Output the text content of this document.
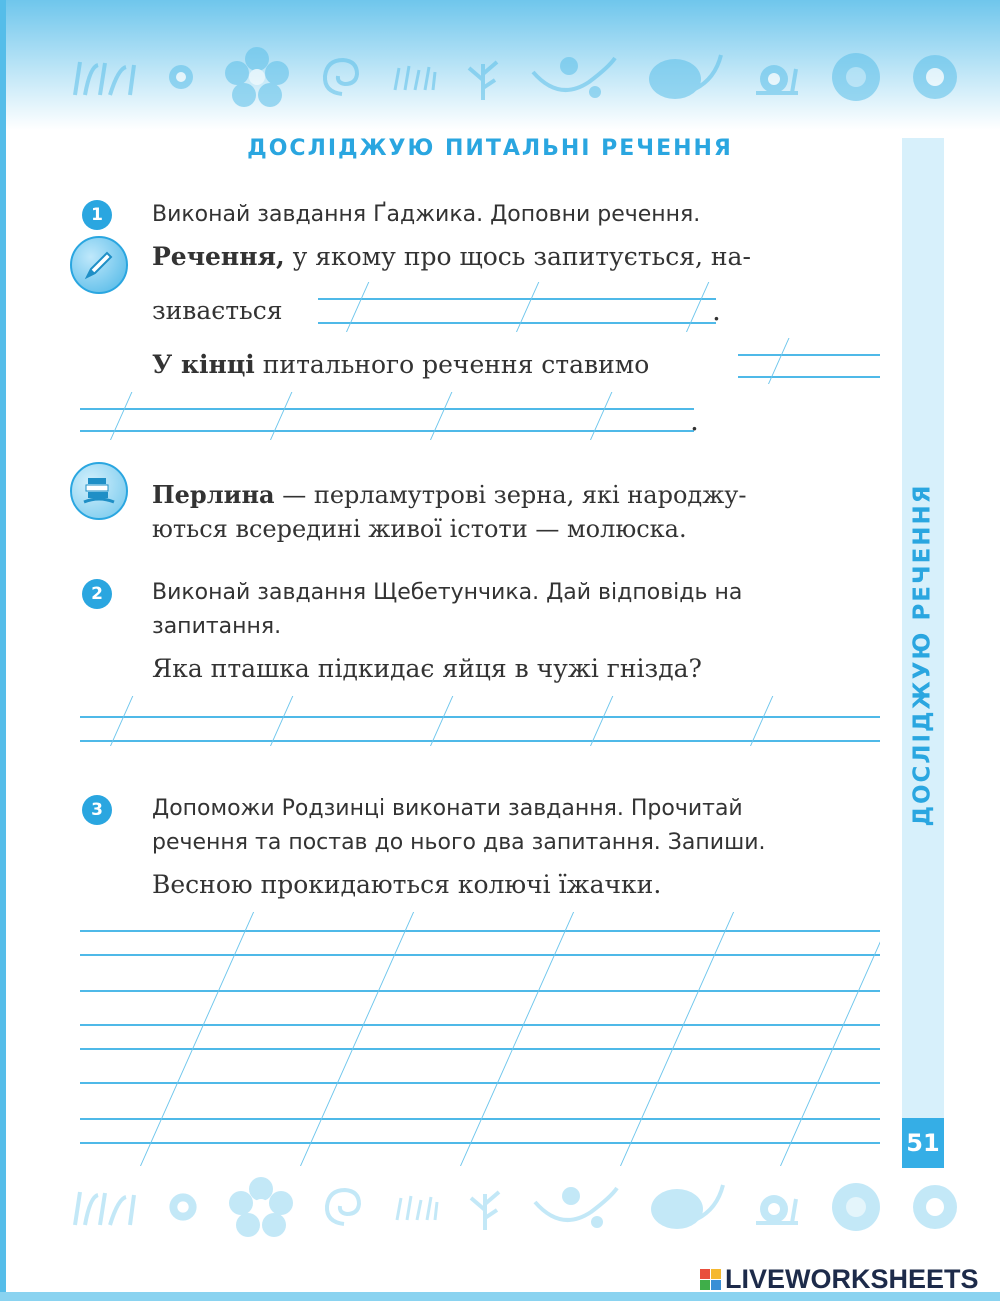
ДОСЛІДЖУЮ РЕЧЕННЯ
51
ДОСЛІДЖУЮ ПИТАЛЬНІ РЕЧЕННЯ
1	Виконай завдання Ґаджика. Доповни речення.
Речення, у якому про щось запитується, на-
зивається	.
У кінці питального речення ставимо
.
Перлина — перламутрові зерна, які народжу-
ються всередині живої істоти — молюска.
2	Виконай завдання Щебетунчика. Дай відповідь на
запитання.
Яка пташка підкидає яйця в чужі гнізда?
3	Допоможи Родзинці виконати завдання. Прочитай
речення та постав до нього два запитання. Запиши.
Весною прокидаються колючі їжачки.
LIVEWORKSHEETS
